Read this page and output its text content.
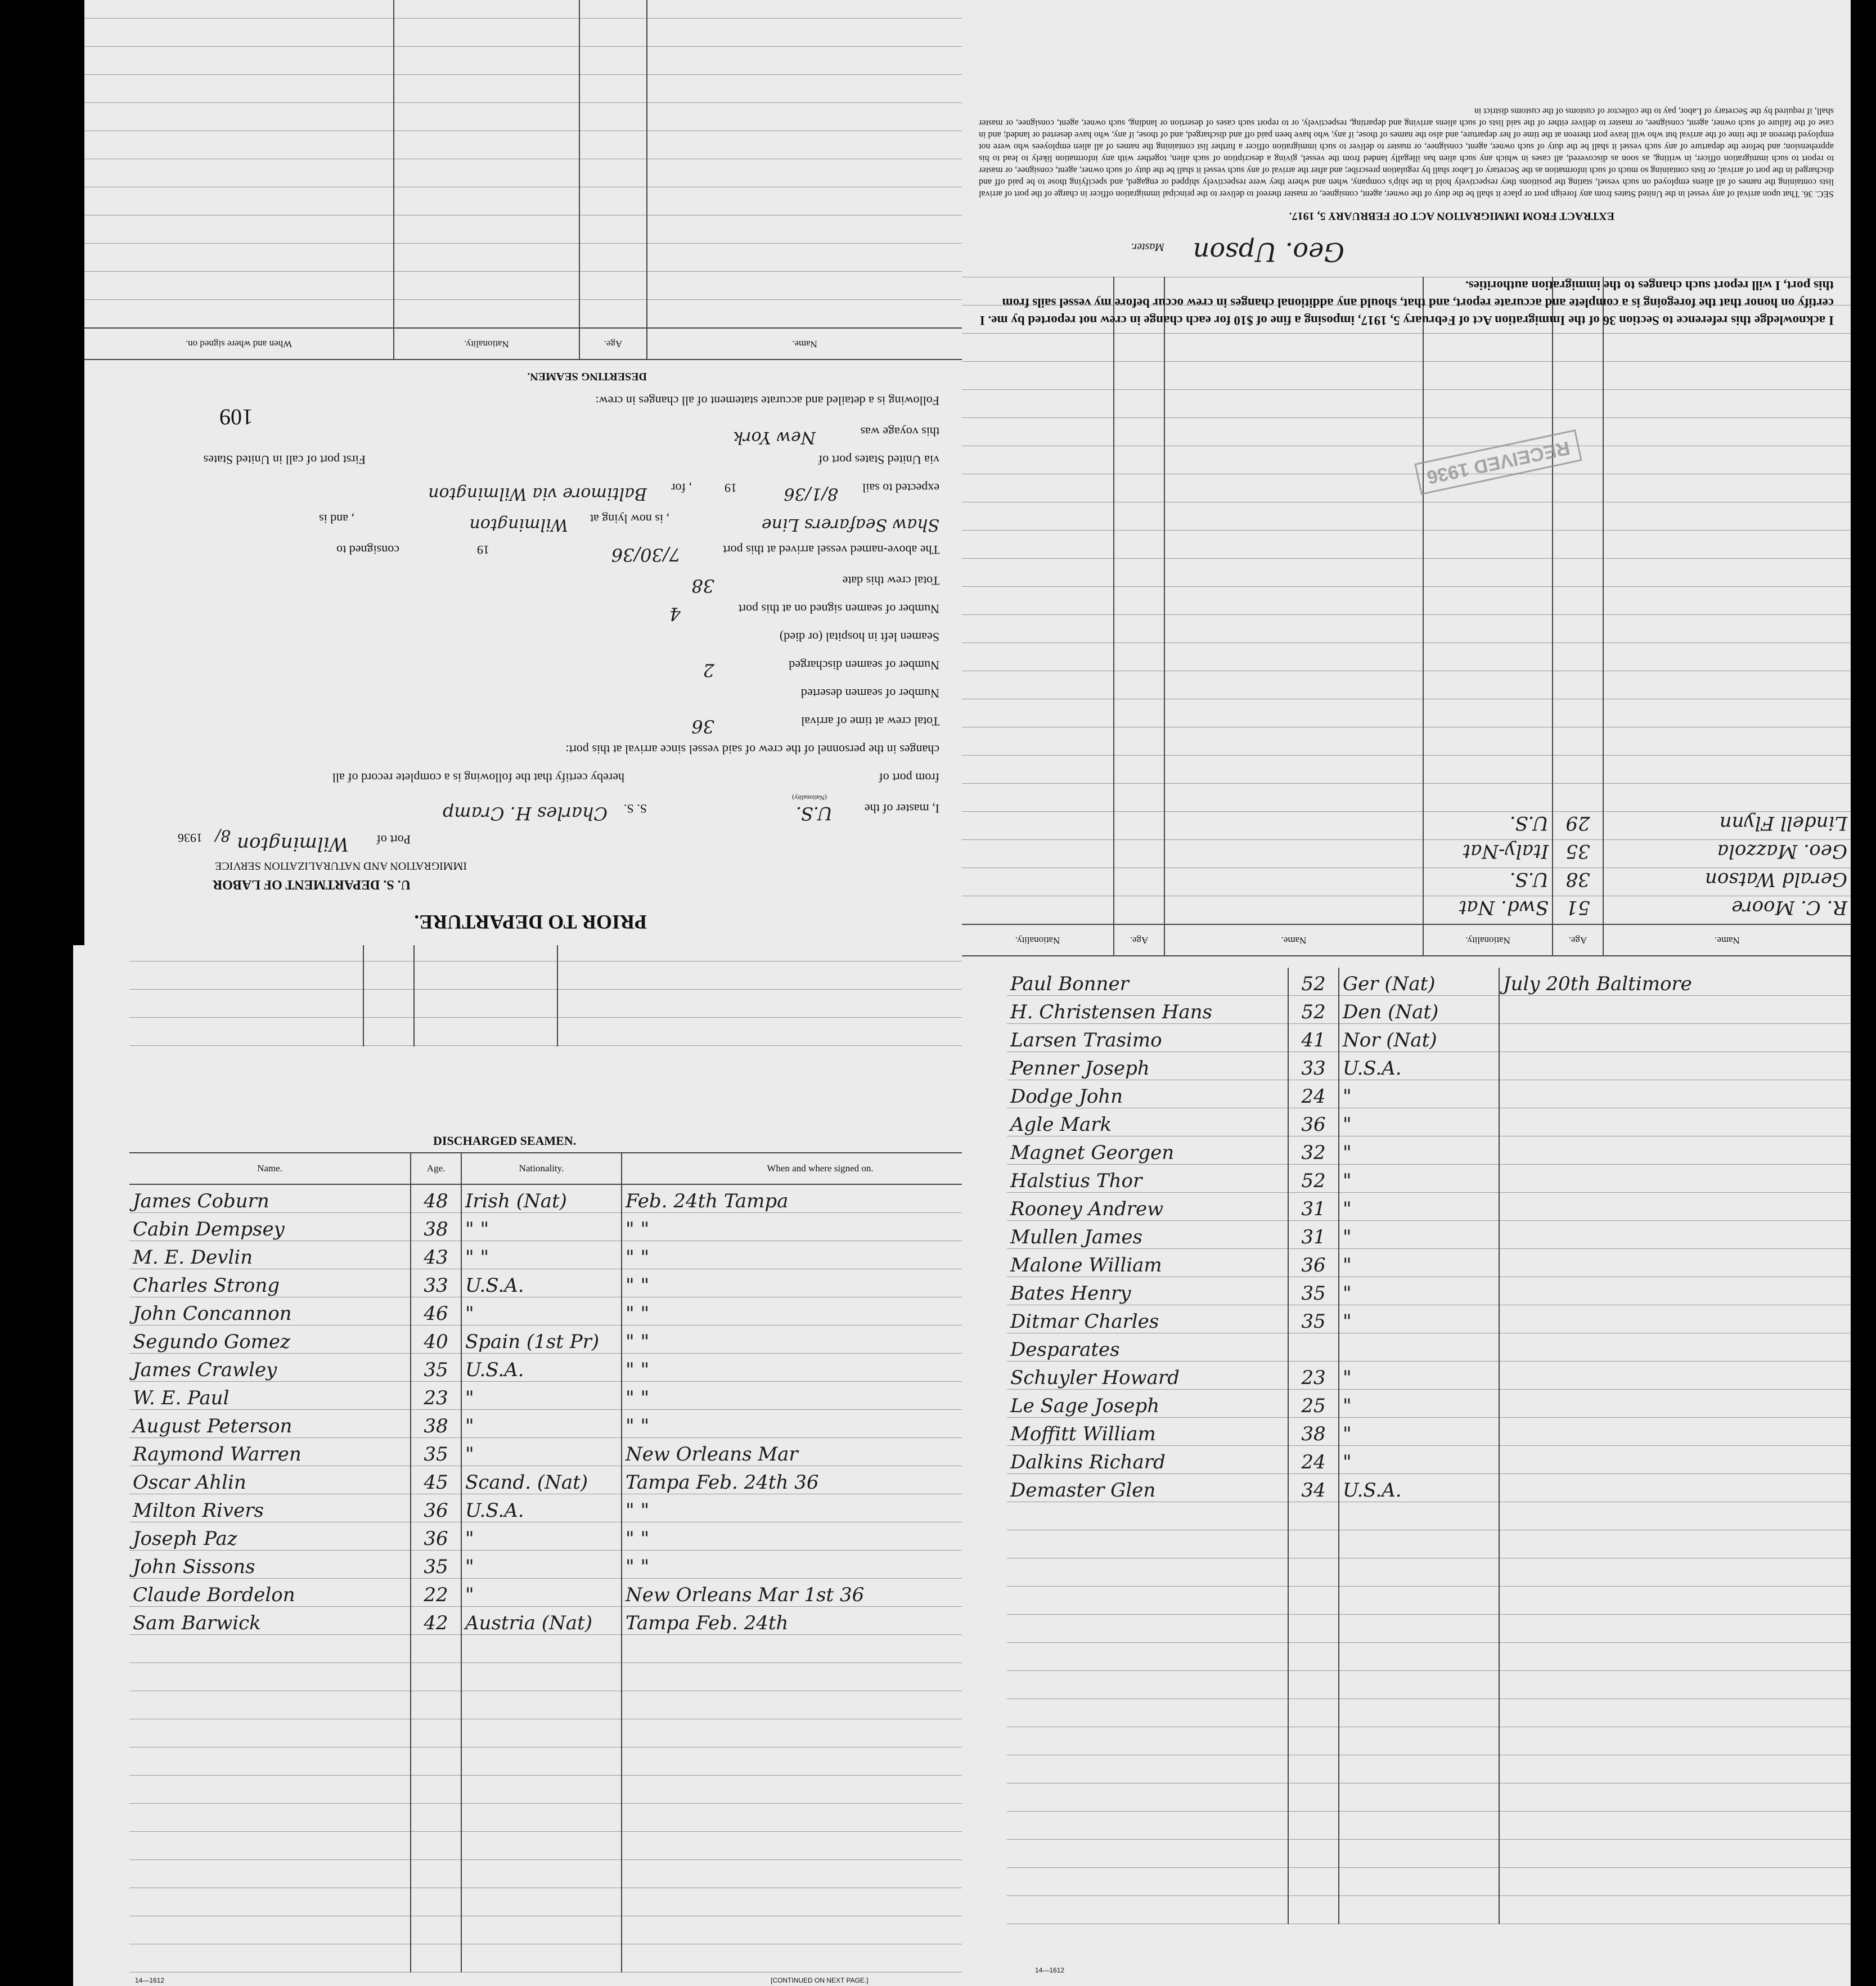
PRIOR TO DEPARTURE.
U. S. DEPARTMENT OF LABOR
IMMIGRATION AND NATURALIZATION SERVICE
Port of
Wilmington
8/
1936
I, master of the
U.S.
(Nationality)
S. S.
Charles H. Cramp
from port of
hereby certify that the following is a complete record of all
changes in the personnel of the crew of said vessel since arrival at this port:
Total crew at time of arrival
36
Number of seamen deserted
Number of seamen discharged
2
Seamen left in hospital (or died)
Number of seamen signed on at this port
4
Total crew this date
38
The above-named vessel arrived at this port
7/30/36
19
consigned to
Shaw Seafarers Line
, is now lying at
Wilmington
, and is
expected to sail
8/1/36
19
, for
Baltimore via Wilmington
via United States port of
First port of call in United States
this voyage was
New York
109
Following is a detailed and accurate statement of all changes in crew:
DESERTING SEAMEN.
Name.	Age.	Nationality.	When and where signed on.

Name.	Age.	Nationality.	Name.	Age.	Nationality.
R. C. Moore	51	Swd. Nat			
Gerald Watson	38	U.S.			
Geo. Mazzola	35	Italy-Nat			
Lindell Flynn	29	U.S.			

RECEIVED 1936
I acknowledge this reference to Section 36 of the Immigration Act of February 5, 1917, imposing a fine of $10 for each change in crew not reported by me. I certify on honor that the foregoing is a complete and accurate report, and that, should any additional changes in crew occur before my vessel sails from this port, I will report such changes to the immigration authorities.
Geo. Upson
Master.
EXTRACT FROM IMMIGRATION ACT OF FEBRUARY 5, 1917.
SEC. 36. That upon arrival of any vessel in the United States from any foreign port or place it shall be the duty of the owner, agent, consignee, or master thereof to deliver to the principal immigration officer in charge of the port of arrival lists containing the names of all aliens employed on such vessel, stating the positions they respectively hold in the ship's company, when and where they were respectively shipped or engaged, and specifying those to be paid off and discharged in the port of arrival; or lists containing so much of such information as the Secretary of Labor shall by regulation prescribe; and after the arrival of any such vessel it shall be the duty of such owner, agent, consignee, or master to report to such immigration officer, in writing, as soon as discovered, all cases in which any such alien has illegally landed from the vessel, giving a description of such alien, together with any information likely to lead to his apprehension; and before the departure of any such vessel it shall be the duty of such owner, agent, consignee, or master to deliver to such immigration officer a further list containing the names of all alien employees who were not employed thereon at the time of the arrival but who will leave port thereon at the time of her departure, and also the names of those, if any, who have been paid off and discharged, and of those, if any, who have deserted or landed; and in case of the failure of such owner, agent, consignee, or master to deliver either of the said lists of such aliens arriving and departing, respectively, or to report such cases of desertion or landing, such owner, agent, consignee, or master shall, if required by the Secretary of Labor, pay to the collector of customs of the customs district in
DISCHARGED SEAMEN.
Name.	Age.	Nationality.	When and where signed on.
James Coburn	48	Irish (Nat)	Feb. 24th Tampa
Cabin Dempsey	38	" "	" "
M. E. Devlin	43	" "	" "
Charles Strong	33	U.S.A.	" "
John Concannon	46	"	" "
Segundo Gomez	40	Spain (1st Pr)	" "
James Crawley	35	U.S.A.	" "
W. E. Paul	23	"	" "
August Peterson	38	"	" "
Raymond Warren	35	"	New Orleans Mar
Oscar Ahlin	45	Scand. (Nat)	Tampa Feb. 24th 36
Milton Rivers	36	U.S.A.	" "
Joseph Paz	36	"	" "
John Sissons	35	"	" "
Claude Bordelon	22	"	New Orleans Mar 1st 36
Sam Barwick	42	Austria (Nat)	Tampa Feb. 24th

14—1612	[CONTINUED ON NEXT PAGE.]
Paul Bonner	52	Ger (Nat)	July 20th Baltimore
H. Christensen Hans	52	Den (Nat)	
Larsen Trasimo	41	Nor (Nat)	
Penner Joseph	33	U.S.A.	
Dodge John	24	"	
Agle Mark	36	"	
Magnet Georgen	32	"	
Halstius Thor	52	"	
Rooney Andrew	31	"	
Mullen James	31	"	
Malone William	36	"	
Bates Henry	35	"	
Ditmar Charles	35	"	
Desparates			
Schuyler Howard	23	"	
Le Sage Joseph	25	"	
Moffitt William	38	"	
Dalkins Richard	24	"	
Demaster Glen	34	U.S.A.	

14—1612
